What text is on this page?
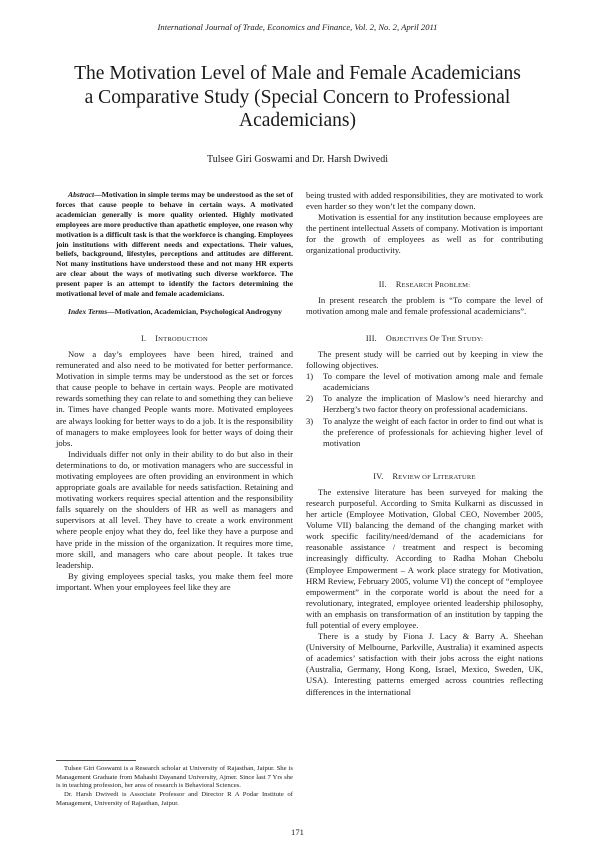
International Journal of Trade, Economics and Finance, Vol. 2, No. 2, April 2011
The Motivation Level of Male and Female Academicians
a Comparative Study (Special Concern to Professional
Academicians)
Tulsee Giri Goswami and Dr. Harsh Dwivedi

Abstract—Motivation in simple terms may be understood as the set of forces that cause people to behave in certain ways. A motivated academician generally is more quality oriented. Highly motivated employees are more productive than apathetic employee, one reason why motivation is a difficult task is that the workforce is changing. Employees join institutions with different needs and expectations. Their values, beliefs, background, lifestyles, perceptions and attitudes are different. Not many institutions have understood these and not many HR experts are clear about the ways of motivating such diverse workforce. The present paper is an attempt to identify the factors determining the motivational level of male and female academicians.

Index Terms—Motivation, Academician, Psychological Androgyny

I. INTRODUCTION

Now a day’s employees have been hired, trained and remunerated and also need to be motivated for better performance. Motivation in simple terms may be understood as the set or forces that cause people to behave in certain ways. People are motivated rewards something they can relate to and something they can believe in. Times have changed People wants more. Motivated employees are always looking for better ways to do a job. It is the responsibility of managers to make employees look for better ways of doing their jobs.

Individuals differ not only in their ability to do but also in their determinations to do, or motivation managers who are successful in motivating employees are often providing an environment in which appropriate goals are available for needs satisfaction. Retaining and motivating workers requires special attention and the responsibility falls squarely on the shoulders of HR as well as managers and supervisors at all level. They have to create a work environment where people enjoy what they do, feel like they have a purpose and have pride in the mission of the organization. It requires more time, more skill, and managers who care about people. It takes true leadership.

By giving employees special tasks, you make them feel more important. When your employees feel like they are

being trusted with added responsibilities, they are motivated to work even harder so they won’t let the company down.

Motivation is essential for any institution because employees are the pertinent intellectual Assets of company. Motivation is important for the growth of employees as well as for contributing organizational productivity.

II. RESEARCH PROBLEM:

In present research the problem is “To compare the level of motivation among male and female professional academicians”.

III. OBJECTIVES OF THE STUDY:

The present study will be carried out by keeping in view the following objectives.

1) To compare the level of motivation among male and female academicians
2) To analyze the implication of Maslow’s need hierarchy and Herzberg’s two factor theory on professional academicians.
3) To analyze the weight of each factor in order to find out what is the preference of professionals for achieving higher level of motivation
IV. REVIEW OF LITERATURE

The extensive literature has been surveyed for making the research purposeful. According to Smita Kulkarni as discussed in her article (Employee Motivation, Global CEO, November 2005, Volume VII) balancing the demand of the changing market with work specific facility/need/demand of the academicians for reasonable assistance / treatment and respect is becoming increasingly difficulty. According to Radha Mohan Chebolu (Employee Empowerment – A work place strategy for Motivation, HRM Review, February 2005, volume VI) the concept of “employee empowerment” in the corporate world is about the need for a revolutionary, integrated, employee oriented leadership philosophy, with an emphasis on transformation of an institution by tapping the full potential of every employee.

There is a study by Fiona J. Lacy & Barry A. Sheehan (University of Melbourne, Parkville, Australia) it examined aspects of academics’ satisfaction with their jobs across the eight nations (Australia, Germany, Hong Kong, Israel, Mexico, Sweden, UK, USA). Interesting patterns emerged across countries reflecting differences in the international

Tulsee Giri Goswami is a Research scholar at University of Rajasthan, Jaipur. She is Management Graduate from Mahashi Dayanand University, Ajmer. Since last 7 Yrs she is in teaching profession, her area of research is Behavioral Sciences.

Dr. Harsh Dwivedi is Associate Professor and Director R A Podar Institute of Management, University of Rajasthan, Jaipur.

171
